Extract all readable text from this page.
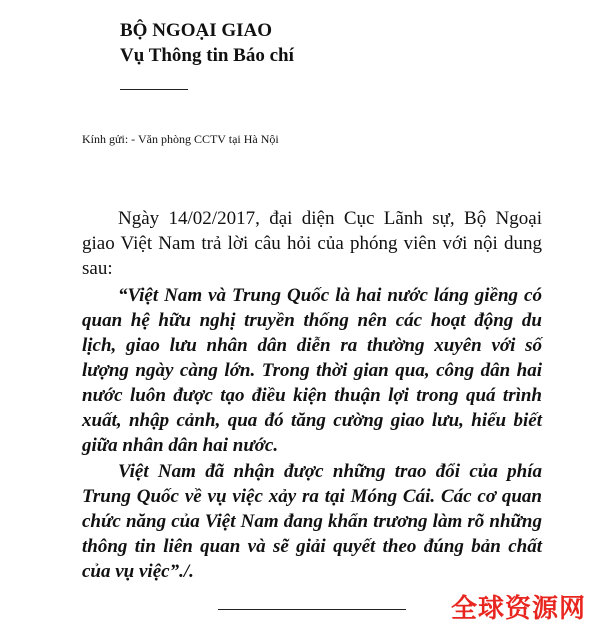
BỘ NGOẠI GIAO
Vụ Thông tin Báo chí
Kính gửi: - Văn phòng CCTV tại Hà Nội

Ngày 14/02/2017, đại diện Cục Lãnh sự, Bộ Ngoại giao Việt Nam trả lời câu hỏi của phóng viên với nội dung sau:

“Việt Nam và Trung Quốc là hai nước láng giềng có quan hệ hữu nghị truyền thống nên các hoạt động du lịch, giao lưu nhân dân diễn ra thường xuyên với số lượng ngày càng lớn. Trong thời gian qua, công dân hai nước luôn được tạo điều kiện thuận lợi trong quá trình xuất, nhập cảnh, qua đó tăng cường giao lưu, hiểu biết giữa nhân dân hai nước.

Việt Nam đã nhận được những trao đổi của phía Trung Quốc về vụ việc xảy ra tại Móng Cái. Các cơ quan chức năng của Việt Nam đang khẩn trương làm rõ những thông tin liên quan và sẽ giải quyết theo đúng bản chất của vụ việc”./.

全球资源网
